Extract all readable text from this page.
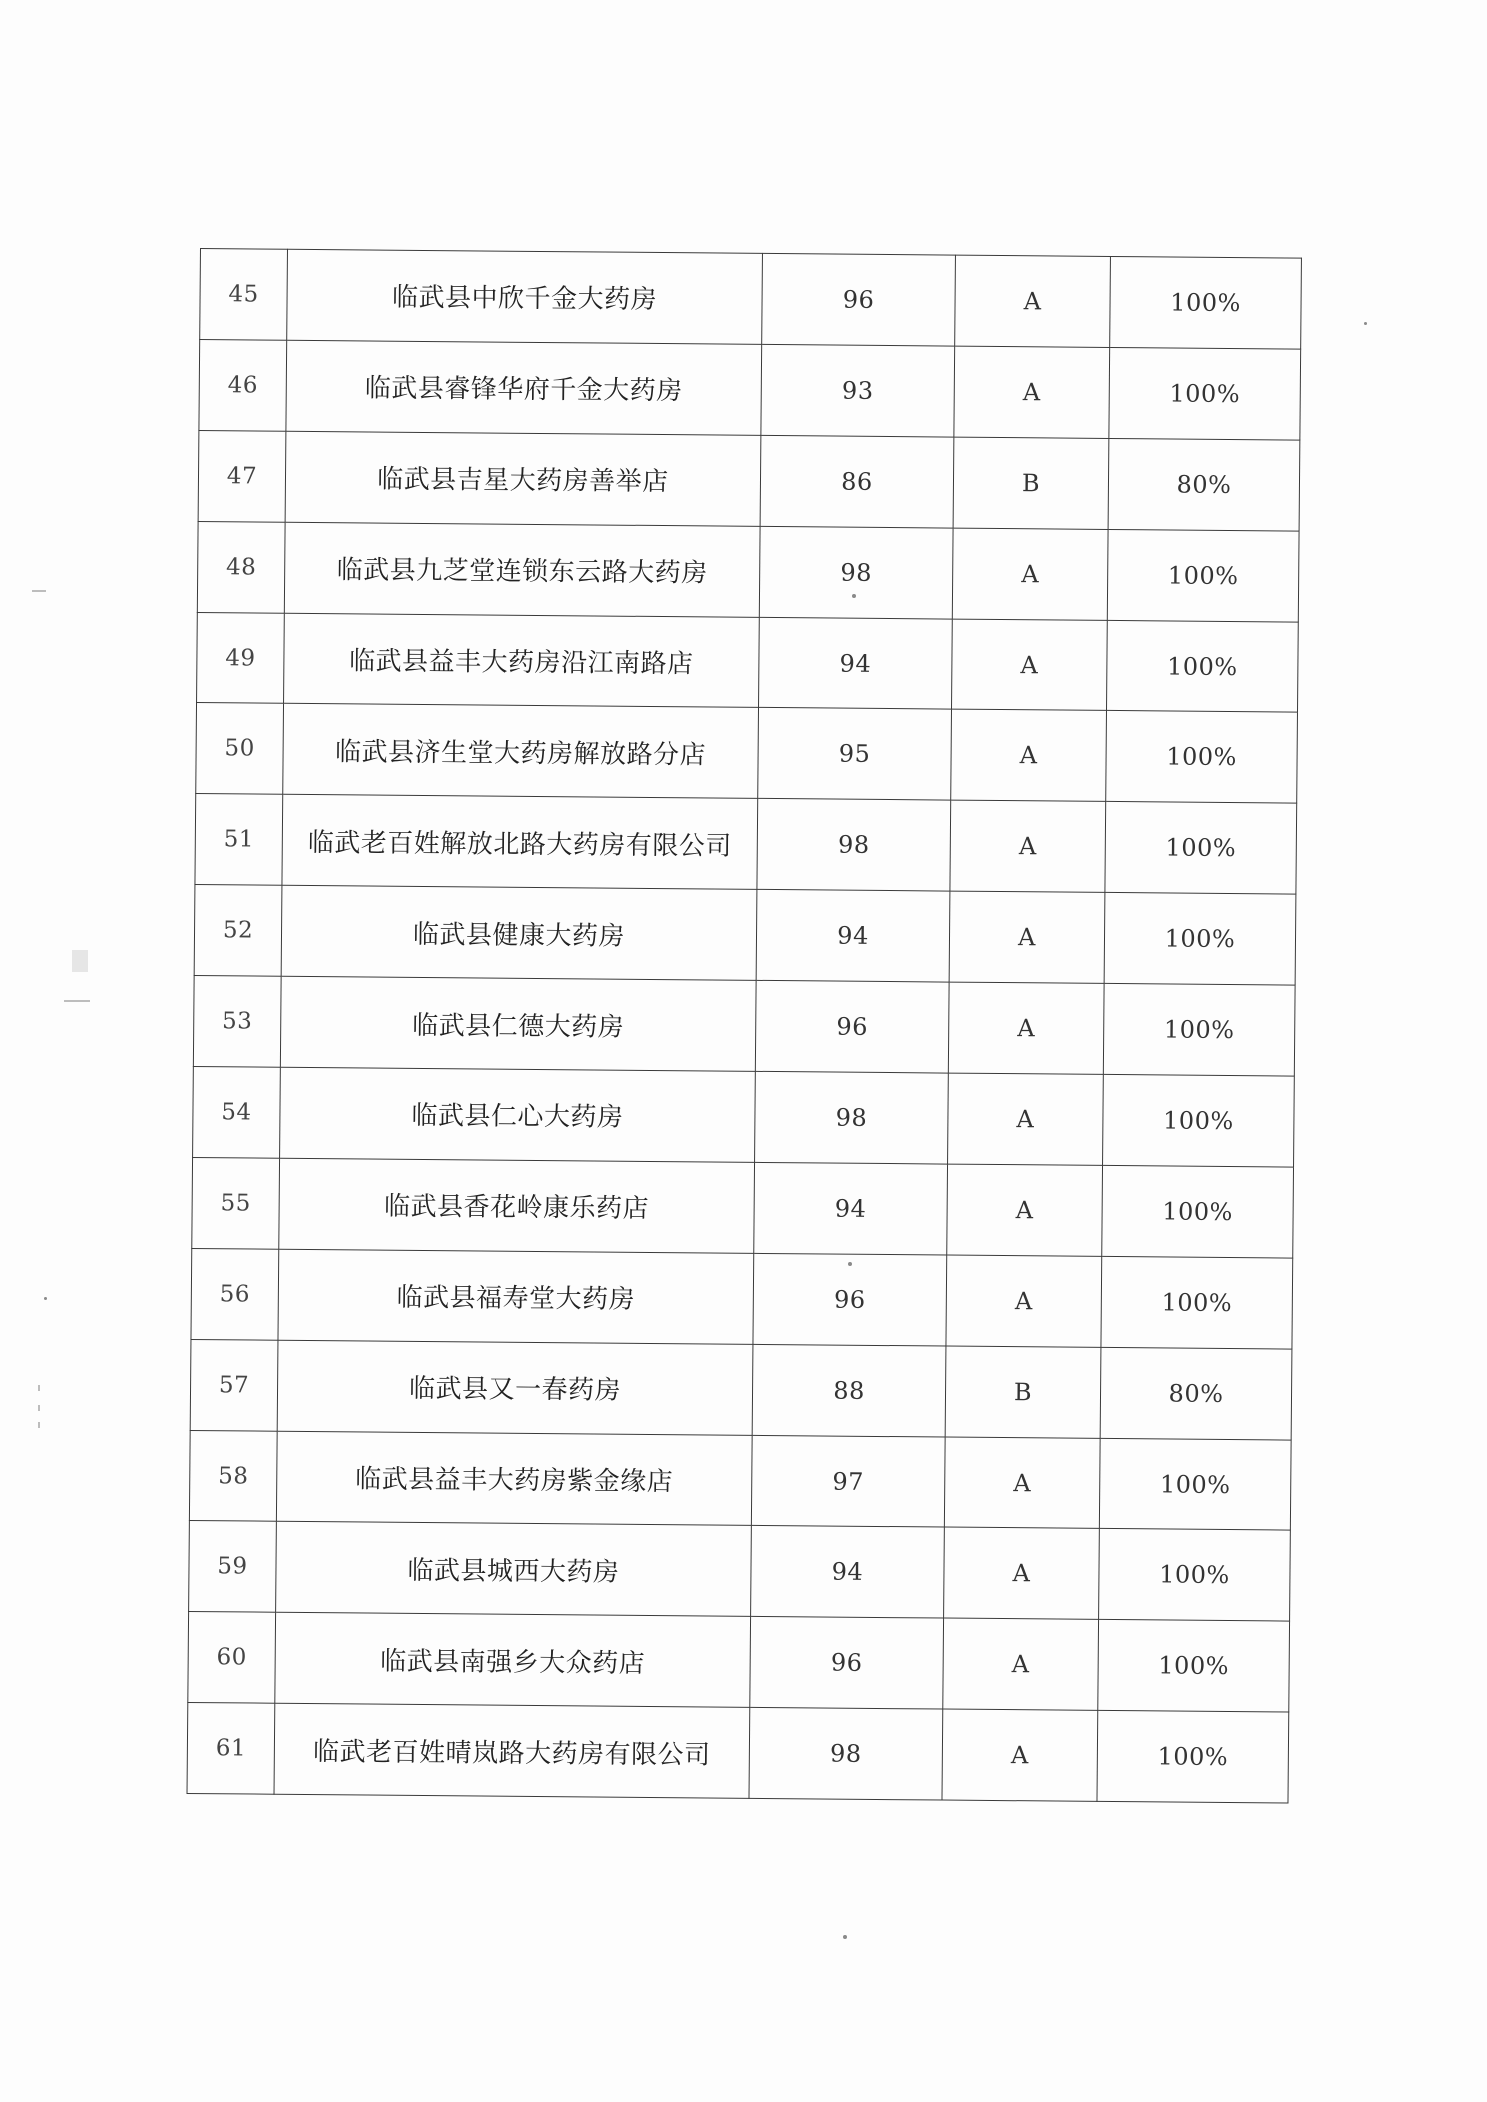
45	临武县中欣千金大药房	96	A	100%
46	临武县睿锋华府千金大药房	93	A	100%
47	临武县吉星大药房善举店	86	B	80%
48	临武县九芝堂连锁东云路大药房	98	A	100%
49	临武县益丰大药房沿江南路店	94	A	100%
50	临武县济生堂大药房解放路分店	95	A	100%
51	临武老百姓解放北路大药房有限公司	98	A	100%
52	临武县健康大药房	94	A	100%
53	临武县仁德大药房	96	A	100%
54	临武县仁心大药房	98	A	100%
55	临武县香花岭康乐药店	94	A	100%
56	临武县福寿堂大药房	96	A	100%
57	临武县又一春药房	88	B	80%
58	临武县益丰大药房紫金缘店	97	A	100%
59	临武县城西大药房	94	A	100%
60	临武县南强乡大众药店	96	A	100%
61	临武老百姓晴岚路大药房有限公司	98	A	100%
